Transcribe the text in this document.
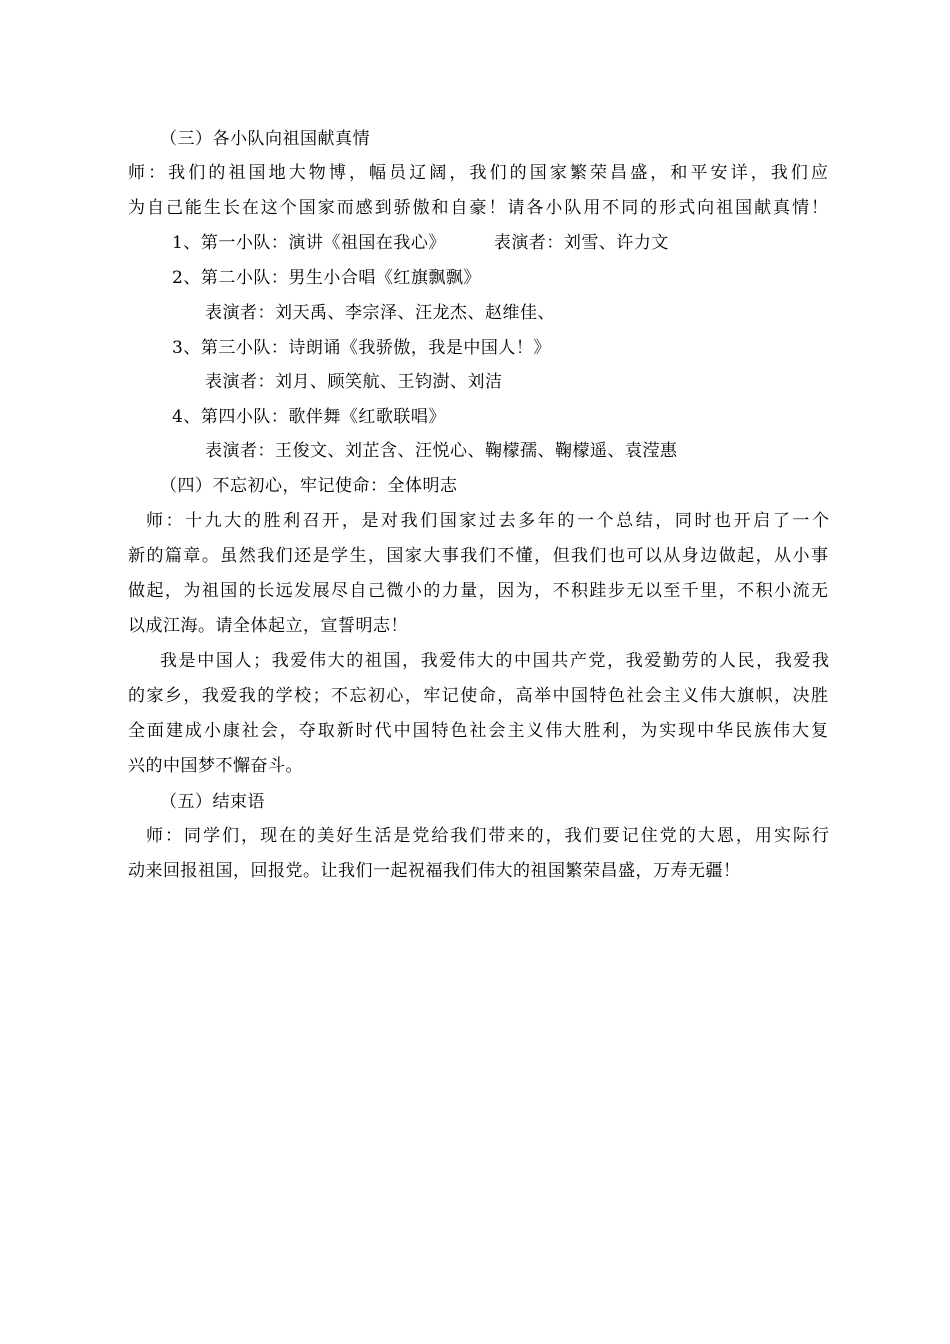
（三）各小队向祖国献真情
师：我们的祖国地大物博，幅员辽阔，我们的国家繁荣昌盛，和平安详，我们应
为自己能生长在这个国家而感到骄傲和自豪！请各小队用不同的形式向祖国献真情！
1、第一小队：演讲《祖国在我心》	表演者：刘雪、许力文
2、第二小队：男生小合唱《红旗飘飘》
表演者：刘天禹、李宗泽、汪龙杰、赵维佳、
3、第三小队：诗朗诵《我骄傲，我是中国人！》
表演者：刘月、顾笑航、王钧澍、刘洁
4、第四小队：歌伴舞《红歌联唱》
表演者：王俊文、刘芷含、汪悦心、鞠檬孺、鞠檬遥、袁滢惠
（四）不忘初心，牢记使命：全体明志
师：十九大的胜利召开，是对我们国家过去多年的一个总结，同时也开启了一个
新的篇章。虽然我们还是学生，国家大事我们不懂，但我们也可以从身边做起，从小事
做起，为祖国的长远发展尽自己微小的力量，因为，不积跬步无以至千里，不积小流无
以成江海。请全体起立，宣誓明志！
我是中国人；我爱伟大的祖国，我爱伟大的中国共产党，我爱勤劳的人民，我爱我
的家乡，我爱我的学校；不忘初心，牢记使命，高举中国特色社会主义伟大旗帜，决胜
全面建成小康社会，夺取新时代中国特色社会主义伟大胜利，为实现中华民族伟大复
兴的中国梦不懈奋斗。
（五）结束语
师：同学们，现在的美好生活是党给我们带来的，我们要记住党的大恩，用实际行
动来回报祖国，回报党。让我们一起祝福我们伟大的祖国繁荣昌盛，万寿无疆！
